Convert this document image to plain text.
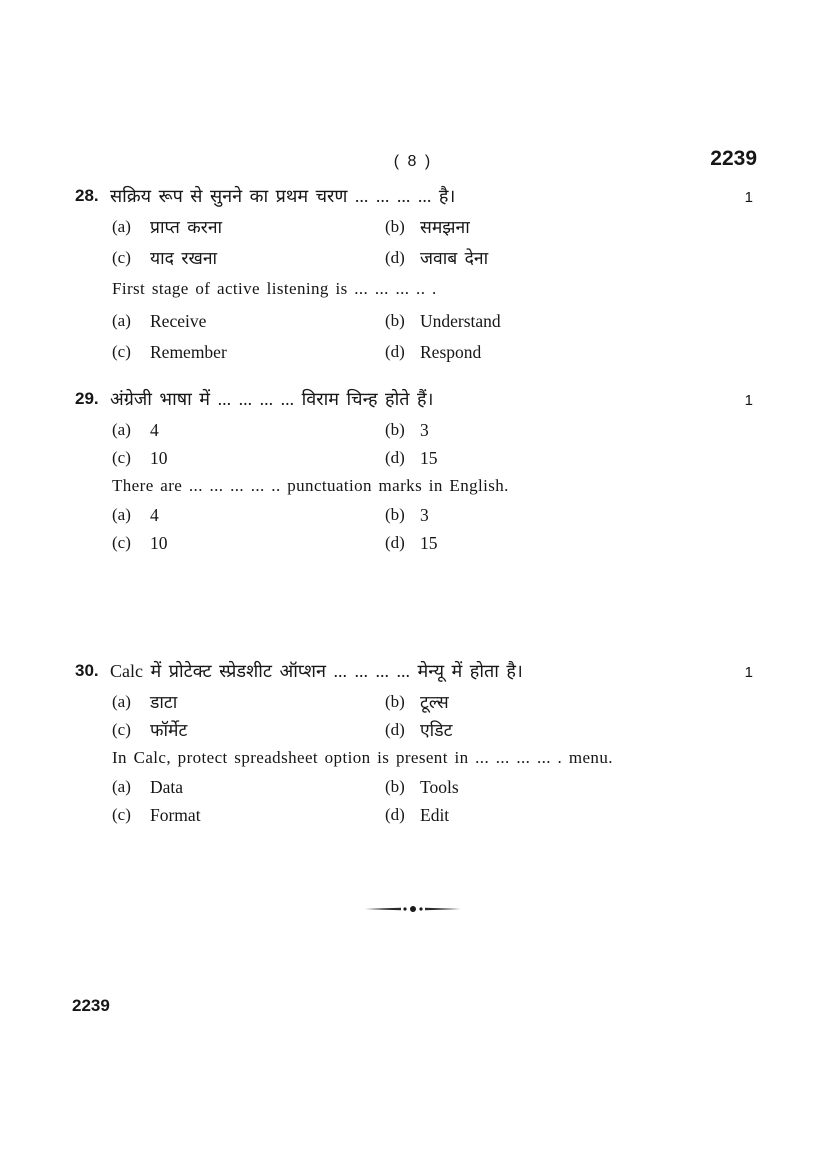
( 8 )	2239
28. सक्रिय रूप से सुनने का प्रथम चरण ... ... ... ... है।	1
(a) प्राप्त करना	(b) समझना
(c) याद रखना	(d) जवाब देना
First stage of active listening is ... ... ... .. .
(a) Receive	(b) Understand
(c) Remember	(d) Respond
29. अंग्रेजी भाषा में ... ... ... ... विराम चिन्ह होते हैं।	1
(a) 4	(b) 3
(c) 10	(d) 15
There are ... ... ... ... .. punctuation marks in English.
(a) 4	(b) 3
(c) 10	(d) 15
30. Calc में प्रोटेक्ट स्प्रेडशीट ऑप्शन ... ... ... ... मेन्यू में होता है।	1
(a) डाटा	(b) टूल्स
(c) फॉर्मेट	(d) एडिट
In Calc, protect spreadsheet option is present in ... ... ... ... . menu.
(a) Data	(b) Tools
(c) Format	(d) Edit
2239
